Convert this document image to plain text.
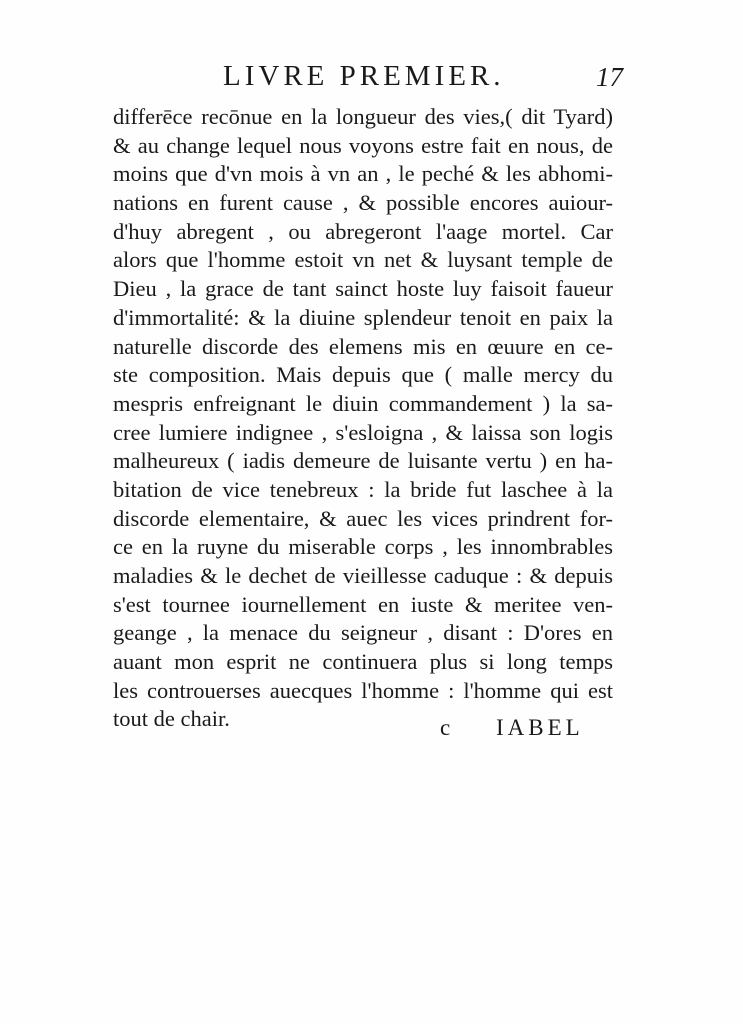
LIVRE PREMIER.	17
differēce recōnue en la longueur des vies,( dit Tyard)
& au change lequel nous voyons estre fait en nous, de
moins que d'vn mois à vn an , le peché & les abhomi-
nations en furent cause , & possible encores auiour-
d'huy abregent , ou abregeront l'aage mortel. Car
alors que l'homme estoit vn net & luysant temple de
Dieu , la grace de tant sainct hoste luy faisoit faueur
d'immortalité: & la diuine splendeur tenoit en paix la
naturelle discorde des elemens mis en œuure en ce-
ste composition. Mais depuis que ( malle mercy du
mespris enfreignant le diuin commandement ) la sa-
cree lumiere indignee , s'esloigna , & laissa son logis
malheureux ( iadis demeure de luisante vertu ) en ha-
bitation de vice tenebreux : la bride fut laschee à la
discorde elementaire, & auec les vices prindrent for-
ce en la ruyne du miserable corps , les innombrables
maladies & le dechet de vieillesse caduque : & depuis
s'est tournee iournellement en iuste & meritee ven-
geange , la menace du seigneur , disant : D'ores en
auant mon esprit ne continuera plus si long temps
les controuerses auecques l'homme : l'homme qui est
tout de chair.	c IABEL
